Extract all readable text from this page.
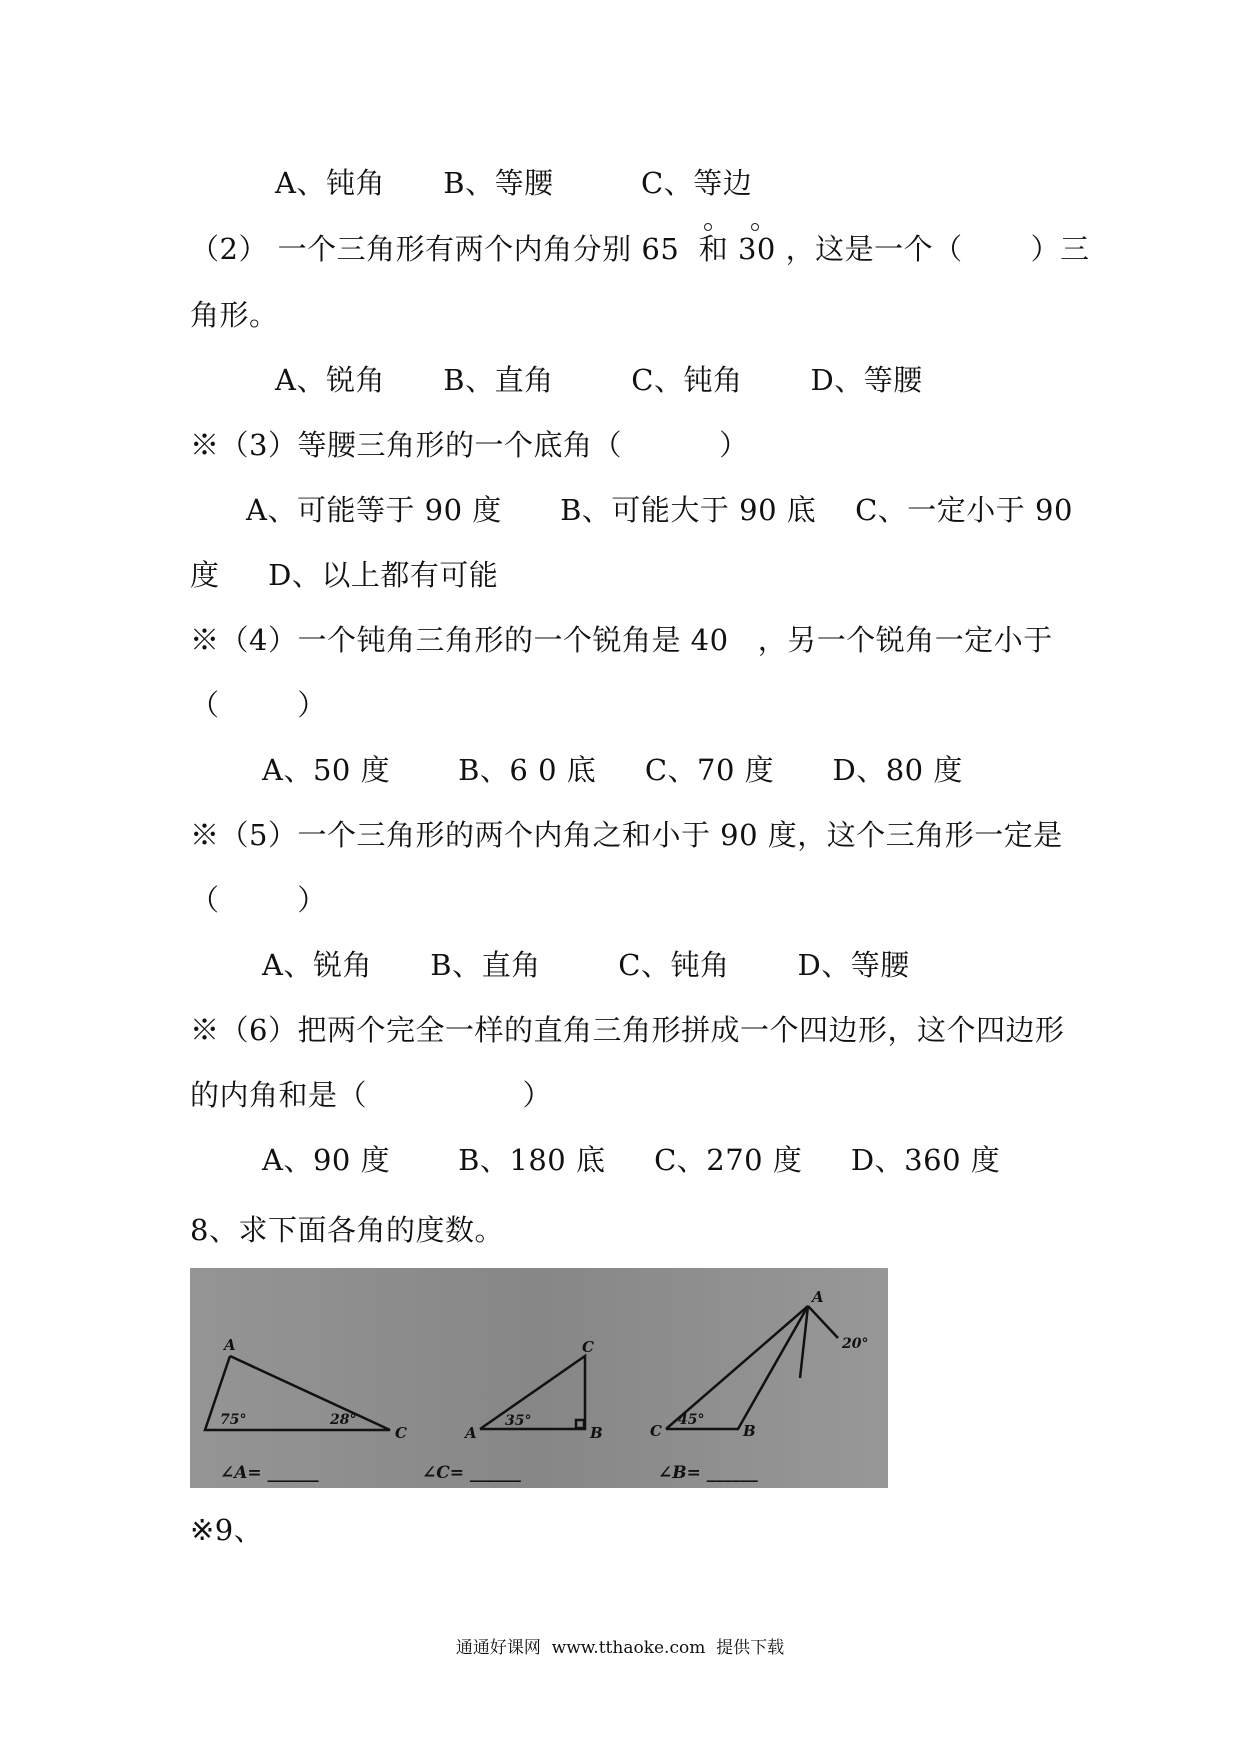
A、钝角      B、等腰         C、等边
（2） 一个三角形有两个内角分别 65  和 30 ，这是一个（       ）三
角形。
A、锐角      B、直角        C、钝角       D、等腰
※（3）等腰三角形的一个底角（          ）
A、可能等于 90 度      B、可能大于 90 底    C、一定小于 90
度     D、以上都有可能
※（4）一个钝角三角形的一个锐角是 40   ，另一个锐角一定小于
（        ）
A、50 度       B、6 0 底     C、70 度      D、80 度
※（5）一个三角形的两个内角之和小于 90 度，这个三角形一定是
（        ）
A、锐角      B、直角        C、钝角       D、等腰
※（6）把两个完全一样的直角三角形拼成一个四边形，这个四边形
的内角和是（                ）
A、90 度       B、180 底     C、270 度     D、360 度
8、求下面各角的度数。
A
C
75°	28°
∠A= ______
C
A	B
35°
∠C= ______
A
C	B
45°
20°
∠B= ______
※9、
通通好课网  www.tthaoke.com  提供下载
